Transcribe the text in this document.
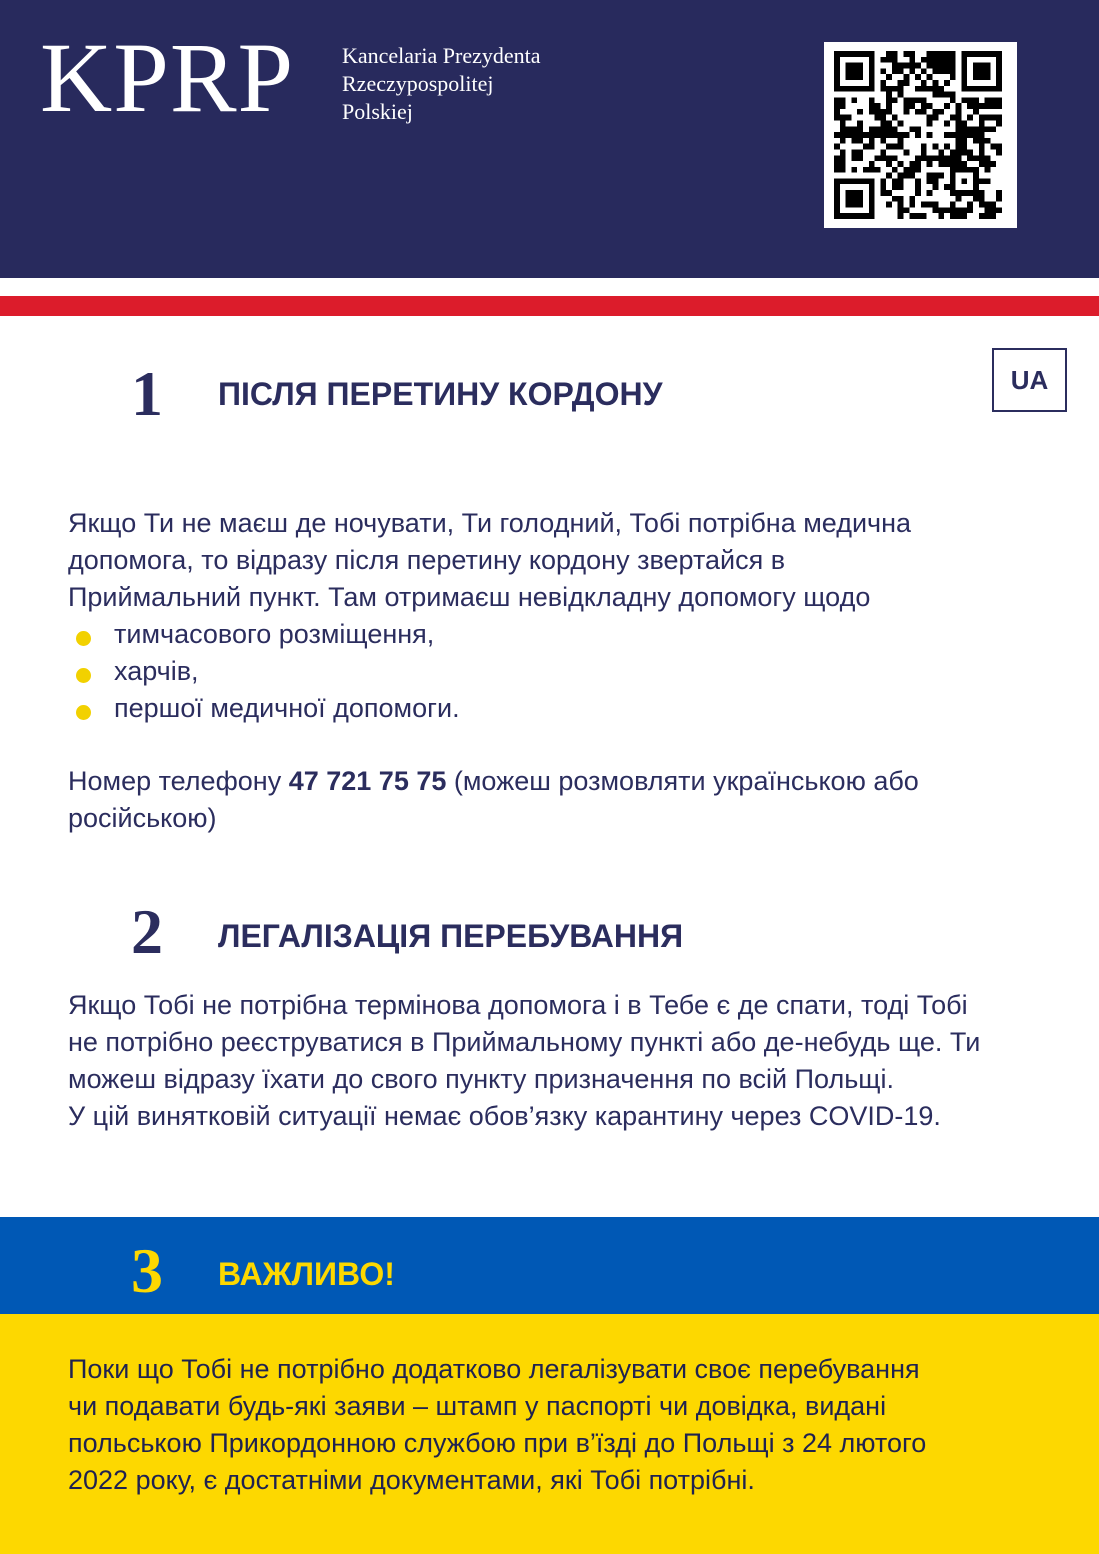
KPRP Kancelaria Prezydenta
Rzeczypospolitej
Polskiej
UA
1 ПІСЛЯ ПЕРЕТИНУ КОРДОНУ
Якщо Ти не маєш де ночувати, Ти голодний, Тобі потрібна медична
допомога, то відразу після перетину кордону звертайся в
Приймальний пункт. Там отримаєш невідкладну допомогу щодо
тимчасового розміщення,
харчів,
першої медичної допомоги.
Номер телефону 47 721 75 75 (можеш розмовляти українською або
російською)
2 ЛЕГАЛІЗАЦІЯ ПЕРЕБУВАННЯ
Якщо Тобі не потрібна термінова допомога і в Тебе є де спати, тоді Тобі
не потрібно реєструватися в Приймальному пункті або де-небудь ще. Ти
можеш відразу їхати до свого пункту призначення по всій Польщі.
У цій винятковій ситуації немає обов’язку карантину через COVID-19.
3 ВАЖЛИВО!
Поки що Тобі не потрібно додатково легалізувати своє перебування
чи подавати будь-які заяви – штамп у паспорті чи довідка, видані
польською Прикордонною службою при в’їзді до Польщі з 24 лютого
2022 року, є достатніми документами, які Тобі потрібні.
